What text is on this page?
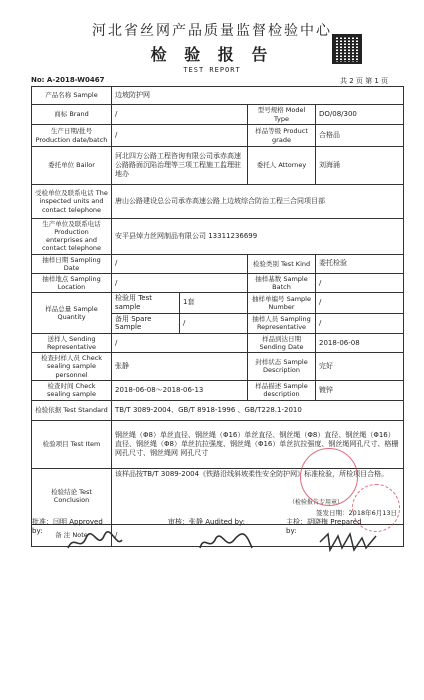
河北省丝网产品质量监督检验中心
检 验 报 告
TEST REPORT
No: A-2018-W0467	共 2 页 第 1 页
产品名称 Sample	边坡防护网			
商标 Brand	/		型号规格 Model Type	DO/08/300
生产日期/批号 Production date/batch	/		样品等级 Product grade	合格品
委托单位 Bailor	河北四方公路工程咨询有限公司承赤高速公路路面沉陷治理等三项工程施工监理驻地办		委托人 Attorney	刘海涌
受检单位及联系电话 The inspected units and contact telephone	唐山公路建设总公司承赤高速公路上边坡综合防治工程三合同项目部			
生产单位及联系电话 Production enterprises and contact telephone	安平县焯力丝网制品有限公司 13311236699			
抽样日期 Sampling Date	/		检验类别 Test Kind	委托检验
抽样地点 Sampling Location	/		抽样基数 Sample Batch	/
样品总量 Sample Quantity	检验用 Test sample	1套	抽样单编号 Sample Number	/
	备用 Spare Sample	/	抽样人员 Sampling Representative	/
送样人 Sending Representative	/		样品到达日期 Sending Date	2018-06-08
检查封样人员 Check sealing sample personnel	张静		封样状态 Sample Description	完好
检查时间 Check sealing sample	2018-06-08～2018-06-13		样品描述 Sample description	镀锌
检验依据 Test Standard	TB/T 3089-2004、GB/T 8918-1996 、GB/T228.1-2010			
检验项目 Test Item	钢丝绳（Φ8）单丝直径、钢丝绳（Φ16）单丝直径、钢丝绳（Φ8）直径、钢丝绳（Φ16）直径、钢丝绳（Φ8）单丝抗拉强度、钢丝绳（Φ16）单丝抗拉强度、钢丝绳网孔尺寸、格栅网孔尺寸、钢丝绳网 网孔尺寸			
检验结论 Test Conclusion	该样品按TB/T 3089-2004《铁路沿线斜坡柔性安全防护网》标准检验，所检项目合格。
（检验报告专用章）
签发日期：2018年6月13日			

备 注 Note	/			
批准：闫明 Approved by:
审核：张静 Audited by:	主检：胡晓梅 Prepared by:
